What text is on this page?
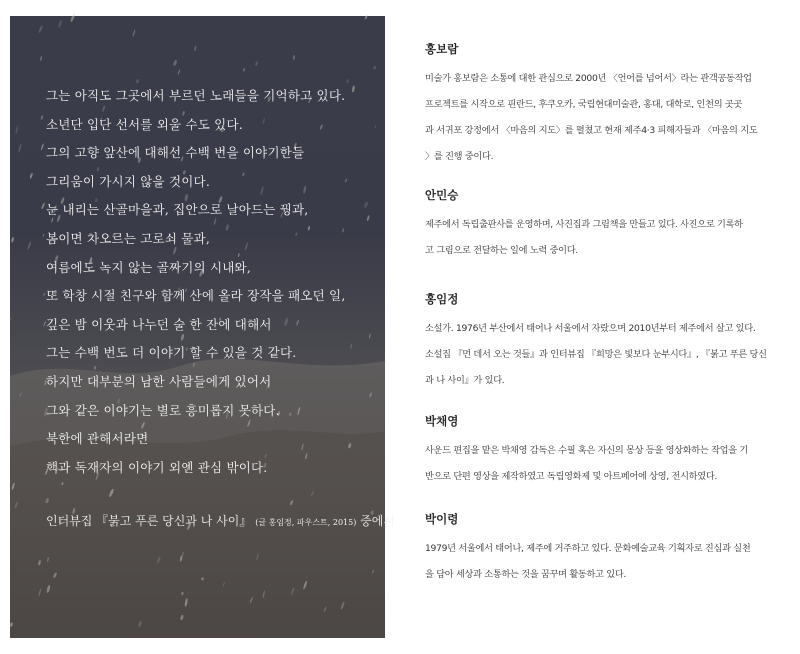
그는 아직도 그곳에서 부르던 노래들을 기억하고 있다.
소년단 입단 선서를 외울 수도 있다.
그의 고향 앞산에 대해선 수백 번을 이야기한들
그리움이 가시지 않을 것이다.
눈 내리는 산골마을과, 집안으로 날아드는 꿩과,
봄이면 차오르는 고로쇠 물과,
여름에도 녹지 않는 골짜기의 시내와,
또 학창 시절 친구와 함께 산에 올라 장작을 패오던 일,
깊은 밤 이웃과 나누던 술 한 잔에 대해서
그는 수백 번도 더 이야기 할 수 있을 것 같다.
하지만 대부분의 남한 사람들에게 있어서
그와 같은 이야기는 별로 흥미롭지 못하다.
북한에 관해서라면
핵과 독재자의 이야기 외엔 관심 밖이다.
인터뷰집 『붉고 푸른 당신과 나 사이』 (글 홍임정, 파우스트, 2015) 중에서
홍보람
미술가 홍보람은 소통에 대한 관심으로 2000년 〈언어를 넘어서〉라는 관객공동작업
프로젝트를 시작으로 핀란드, 후쿠오카, 국립현대미술관, 홍대, 대학로, 인천의 곳곳
과 서귀포 강정에서 〈마음의 지도〉를 펼쳤고 현재 제주4·3 피해자들과 〈마음의 지도
〉를 진행 중이다.
안민승
제주에서 독립출판사를 운영하며, 사진집과 그림책을 만들고 있다. 사진으로 기록하
고 그림으로 전달하는 일에 노력 중이다.
홍임정
소설가. 1976년 부산에서 태어나 서울에서 자랐으며 2010년부터 제주에서 살고 있다.
소설집 『먼 데서 오는 것들』과 인터뷰집 『희망은 빛보다 눈부시다』, 『붉고 푸른 당신
과 나 사이』가 있다.
박채영
사운드 편집을 맡은 박채영 감독은 수필 혹은 자신의 몽상 등을 영상화하는 작업을 기
반으로 단편 영상을 제작하였고 독립영화제 및 아트페어에 상영, 전시하였다.
박이령
1979년 서울에서 태어나, 제주에 거주하고 있다. 문화예술교육 기획자로 진심과 실천
을 담아 세상과 소통하는 것을 꿈꾸며 활동하고 있다.
